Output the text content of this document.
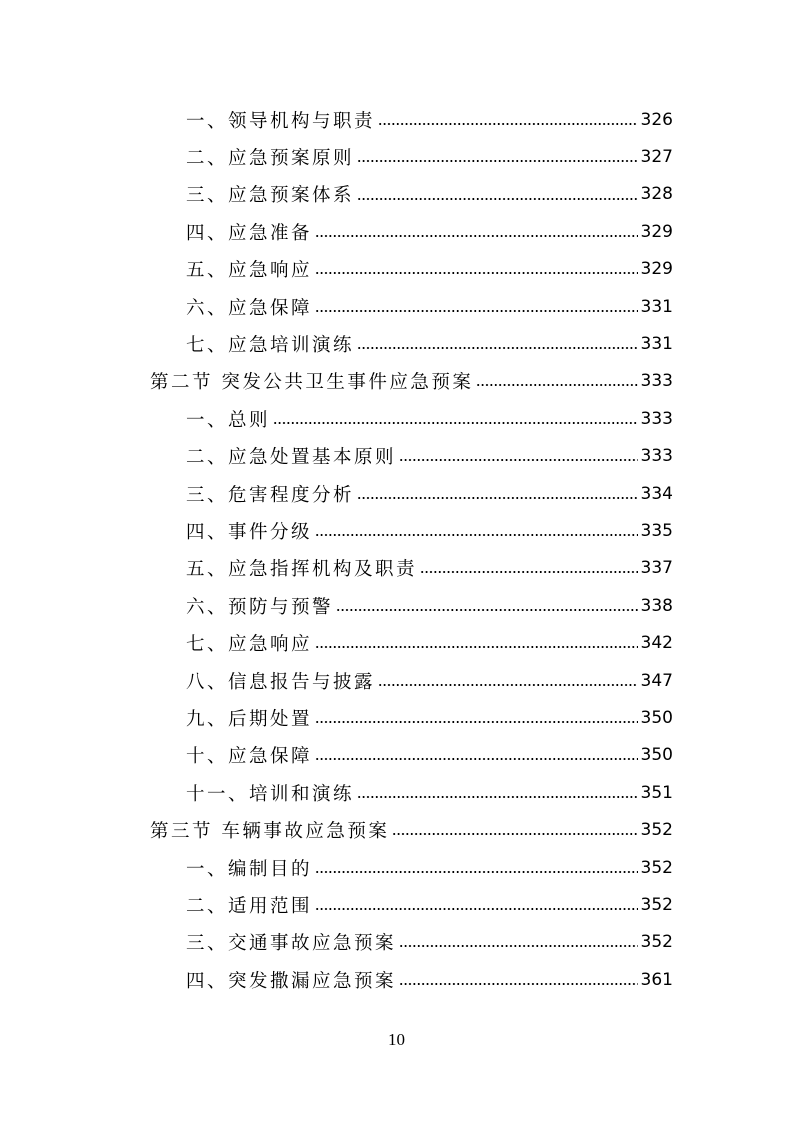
一、领导机构与职责	326
二、应急预案原则	327
三、应急预案体系	328
四、应急准备	329
五、应急响应	329
六、应急保障	331
七、应急培训演练	331
第二节 突发公共卫生事件应急预案	333
一、总则	333
二、应急处置基本原则	333
三、危害程度分析	334
四、事件分级	335
五、应急指挥机构及职责	337
六、预防与预警	338
七、应急响应	342
八、信息报告与披露	347
九、后期处置	350
十、应急保障	350
十一、培训和演练	351
第三节 车辆事故应急预案	352
一、编制目的	352
二、适用范围	352
三、交通事故应急预案	352
四、突发撒漏应急预案	361
10
